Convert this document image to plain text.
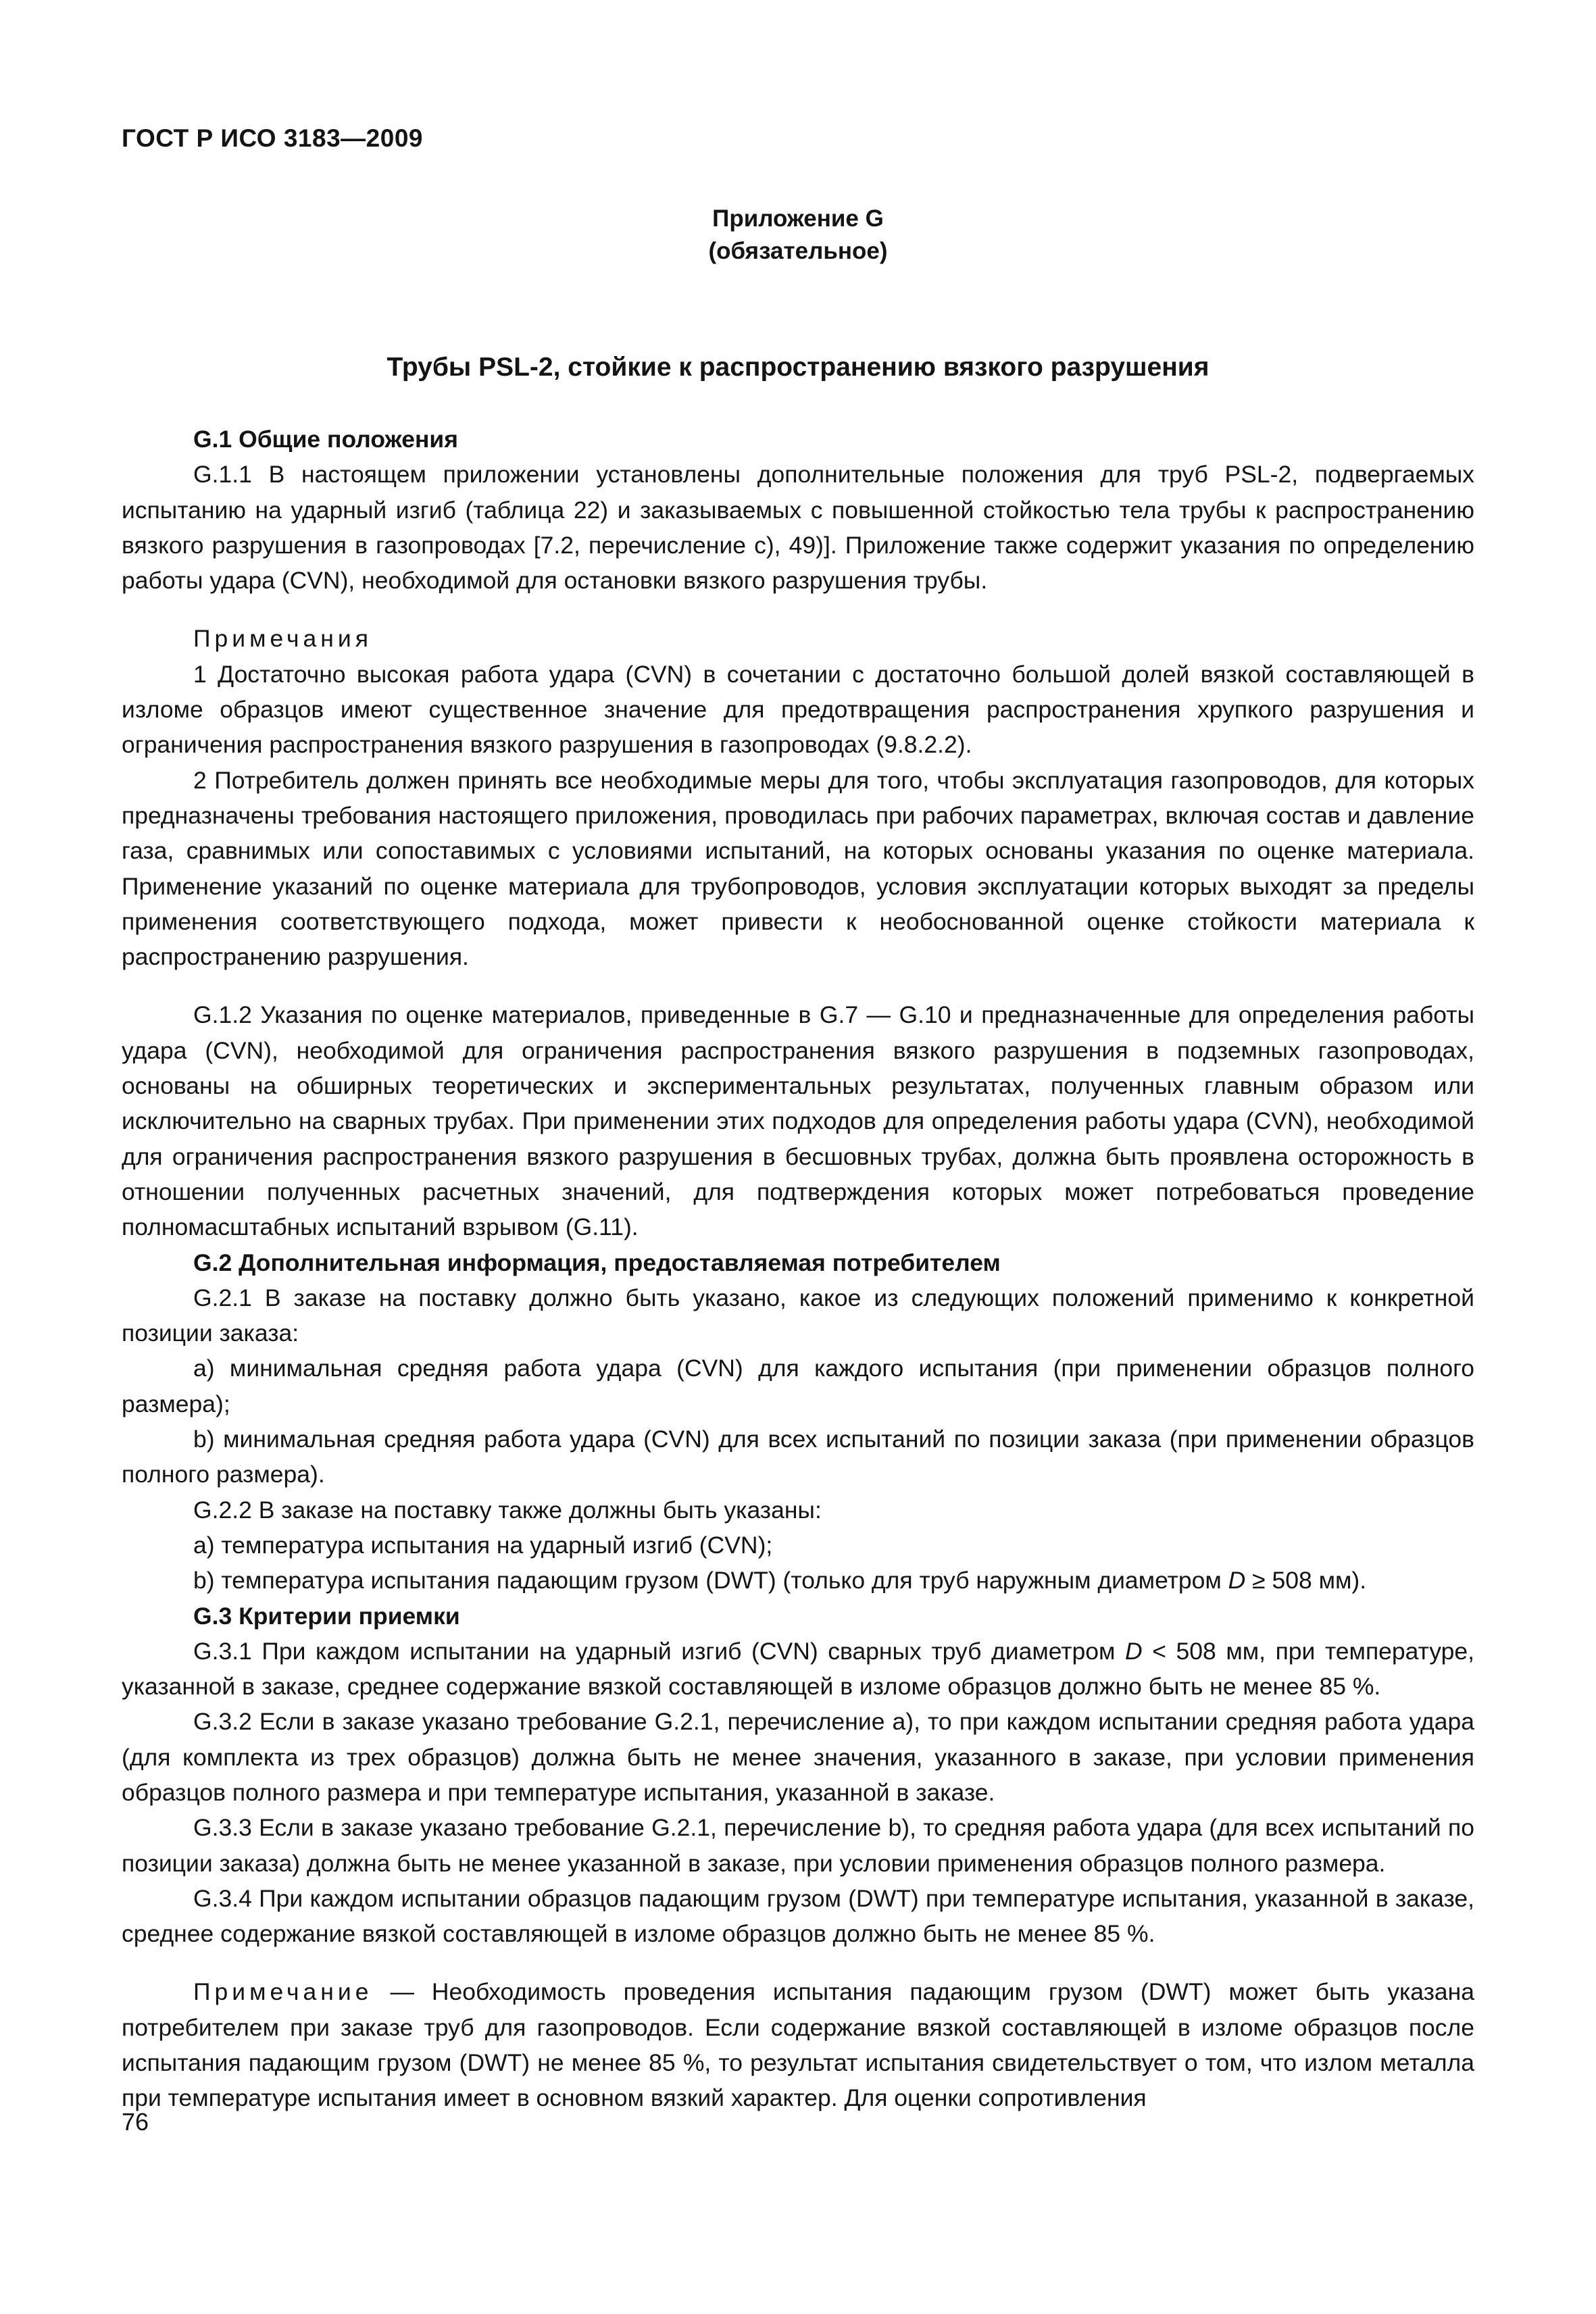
ГОСТ Р ИСО 3183—2009
Приложение G
(обязательное)
Трубы PSL-2, стойкие к распространению вязкого разрушения

G.1 Общие положения

G.1.1 В настоящем приложении установлены дополнительные положения для труб PSL-2, подвергаемых испытанию на ударный изгиб (таблица 22) и заказываемых с повышенной стойкостью тела трубы к распространению вязкого разрушения в газопроводах [7.2, перечисление с), 49)]. Приложение также содержит указания по определению работы удара (CVN), необходимой для остановки вязкого разрушения трубы.

Примечания

1 Достаточно высокая работа удара (CVN) в сочетании с достаточно большой долей вязкой составляющей в изломе образцов имеют существенное значение для предотвращения распространения хрупкого разрушения и ограничения распространения вязкого разрушения в газопроводах (9.8.2.2).

2 Потребитель должен принять все необходимые меры для того, чтобы эксплуатация газопроводов, для которых предназначены требования настоящего приложения, проводилась при рабочих параметрах, включая состав и давление газа, сравнимых или сопоставимых с условиями испытаний, на которых основаны указания по оценке материала. Применение указаний по оценке материала для трубопроводов, условия эксплуатации которых выходят за пределы применения соответствующего подхода, может привести к необоснованной оценке стойкости материала к распространению разрушения.

G.1.2 Указания по оценке материалов, приведенные в G.7 — G.10 и предназначенные для определения работы удара (CVN), необходимой для ограничения распространения вязкого разрушения в подземных газопроводах, основаны на обширных теоретических и экспериментальных результатах, полученных главным образом или исключительно на сварных трубах. При применении этих подходов для определения работы удара (CVN), необходимой для ограничения распространения вязкого разрушения в бесшовных трубах, должна быть проявлена осторожность в отношении полученных расчетных значений, для подтверждения которых может потребоваться проведение полномасштабных испытаний взрывом (G.11).

G.2 Дополнительная информация, предоставляемая потребителем

G.2.1 В заказе на поставку должно быть указано, какое из следующих положений применимо к конкретной позиции заказа:

a) минимальная средняя работа удара (CVN) для каждого испытания (при применении образцов полного размера);

b) минимальная средняя работа удара (CVN) для всех испытаний по позиции заказа (при применении образцов полного размера).

G.2.2 В заказе на поставку также должны быть указаны:

a) температура испытания на ударный изгиб (CVN);

b) температура испытания падающим грузом (DWT) (только для труб наружным диаметром D ≥ 508 мм).

G.3 Критерии приемки

G.3.1 При каждом испытании на ударный изгиб (CVN) сварных труб диаметром D < 508 мм, при температуре, указанной в заказе, среднее содержание вязкой составляющей в изломе образцов должно быть не менее 85 %.

G.3.2 Если в заказе указано требование G.2.1, перечисление a), то при каждом испытании средняя работа удара (для комплекта из трех образцов) должна быть не менее значения, указанного в заказе, при условии применения образцов полного размера и при температуре испытания, указанной в заказе.

G.3.3 Если в заказе указано требование G.2.1, перечисление b), то средняя работа удара (для всех испытаний по позиции заказа) должна быть не менее указанной в заказе, при условии применения образцов полного размера.

G.3.4 При каждом испытании образцов падающим грузом (DWT) при температуре испытания, указанной в заказе, среднее содержание вязкой составляющей в изломе образцов должно быть не менее 85 %.

Примечание — Необходимость проведения испытания падающим грузом (DWT) может быть указана потребителем при заказе труб для газопроводов. Если содержание вязкой составляющей в изломе образцов после испытания падающим грузом (DWT) не менее 85 %, то результат испытания свидетельствует о том, что излом металла при температуре испытания имеет в основном вязкий характер. Для оценки сопротивления

76
